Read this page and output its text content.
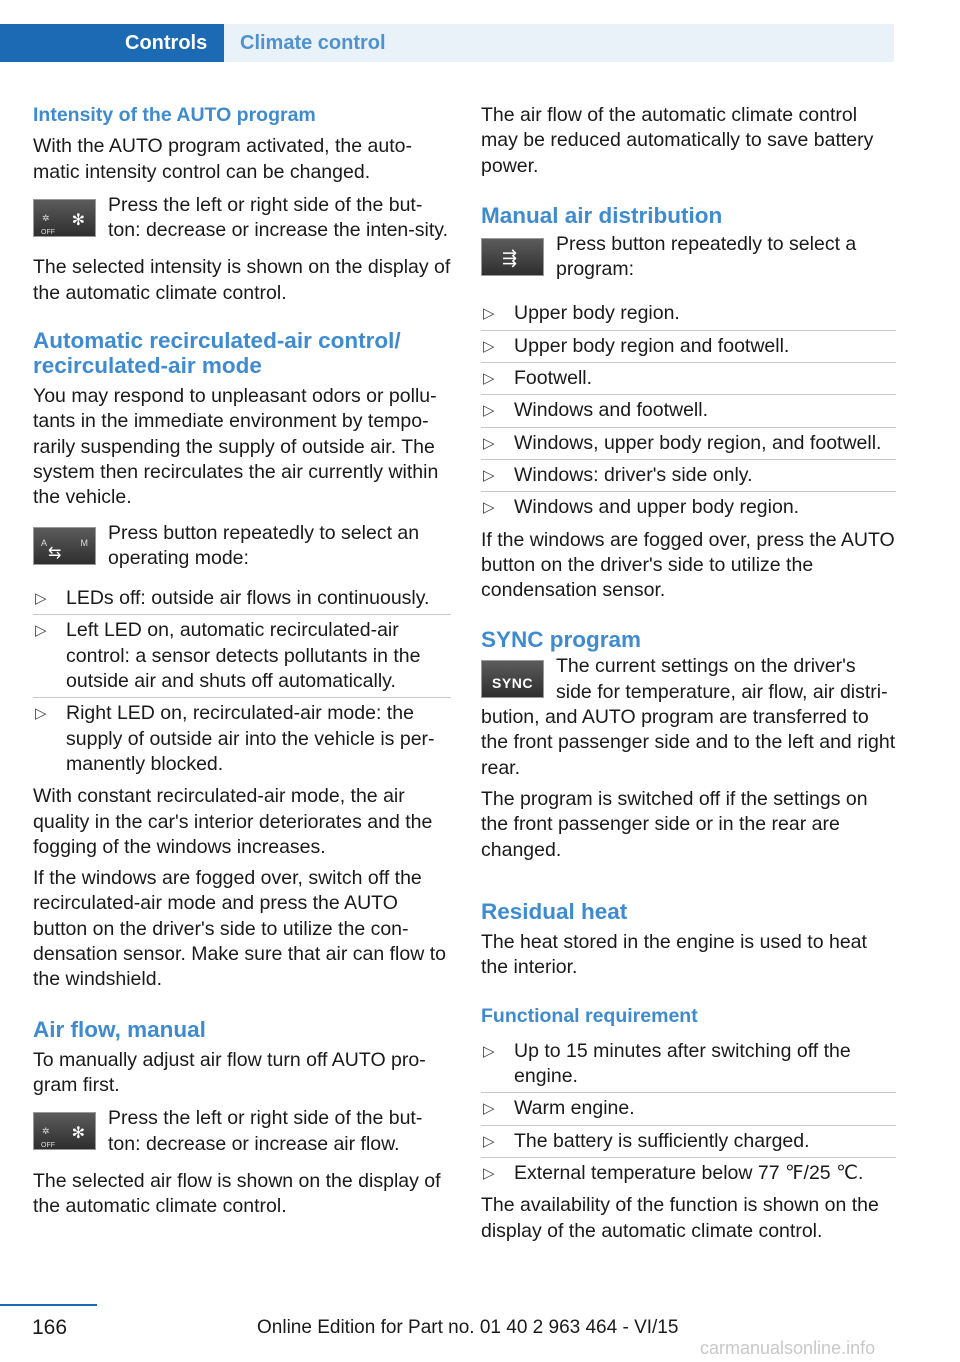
Controls	Climate control

Intensity of the AUTO program

With the AUTO program activated, the auto-matic intensity control can be changed.

✲
OFF
✻

Press the left or right side of the but-ton: decrease or increase the inten-sity.

The selected intensity is shown on the display of the automatic climate control.

Automatic recirculated-air control/ recirculated-air mode

You may respond to unpleasant odors or pollu-tants in the immediate environment by tempo-rarily suspending the supply of outside air. The system then recirculates the air currently within the vehicle.

A	M
⇆

Press button repeatedly to select an operating mode:

▷ LEDs off: outside air flows in continuously.
▷ Left LED on, automatic recirculated-air control: a sensor detects pollutants in the outside air and shuts off automatically.
▷ Right LED on, recirculated-air mode: the supply of outside air into the vehicle is per-manently blocked.

With constant recirculated-air mode, the air quality in the car's interior deteriorates and the fogging of the windows increases.

If the windows are fogged over, switch off the recirculated-air mode and press the AUTO button on the driver's side to utilize the con-densation sensor. Make sure that air can flow to the windshield.

Air flow, manual

To manually adjust air flow turn off AUTO pro-gram first.

✲
OFF
✻

Press the left or right side of the but-ton: decrease or increase air flow.

The selected air flow is shown on the display of the automatic climate control.

The air flow of the automatic climate control may be reduced automatically to save battery power.

Manual air distribution

⇶

Press button repeatedly to select a program:

▷ Upper body region.
▷ Upper body region and footwell.
▷ Footwell.
▷ Windows and footwell.
▷ Windows, upper body region, and footwell.
▷ Windows: driver's side only.
▷ Windows and upper body region.

If the windows are fogged over, press the AUTO button on the driver's side to utilize the condensation sensor.

SYNC program

SYNC

The current settings on the driver's side for temperature, air flow, air distri-bution, and AUTO program are transferred to the front passenger side and to the left and right rear.

The program is switched off if the settings on the front passenger side or in the rear are changed.

Residual heat

The heat stored in the engine is used to heat the interior.

Functional requirement

▷ Up to 15 minutes after switching off the engine.
▷ Warm engine.
▷ The battery is sufficiently charged.
▷ External temperature below 77 ℉/25 ℃.

The availability of the function is shown on the display of the automatic climate control.

166	Online Edition for Part no. 01 40 2 963 464 - VI/15
carmanualsonline.info
